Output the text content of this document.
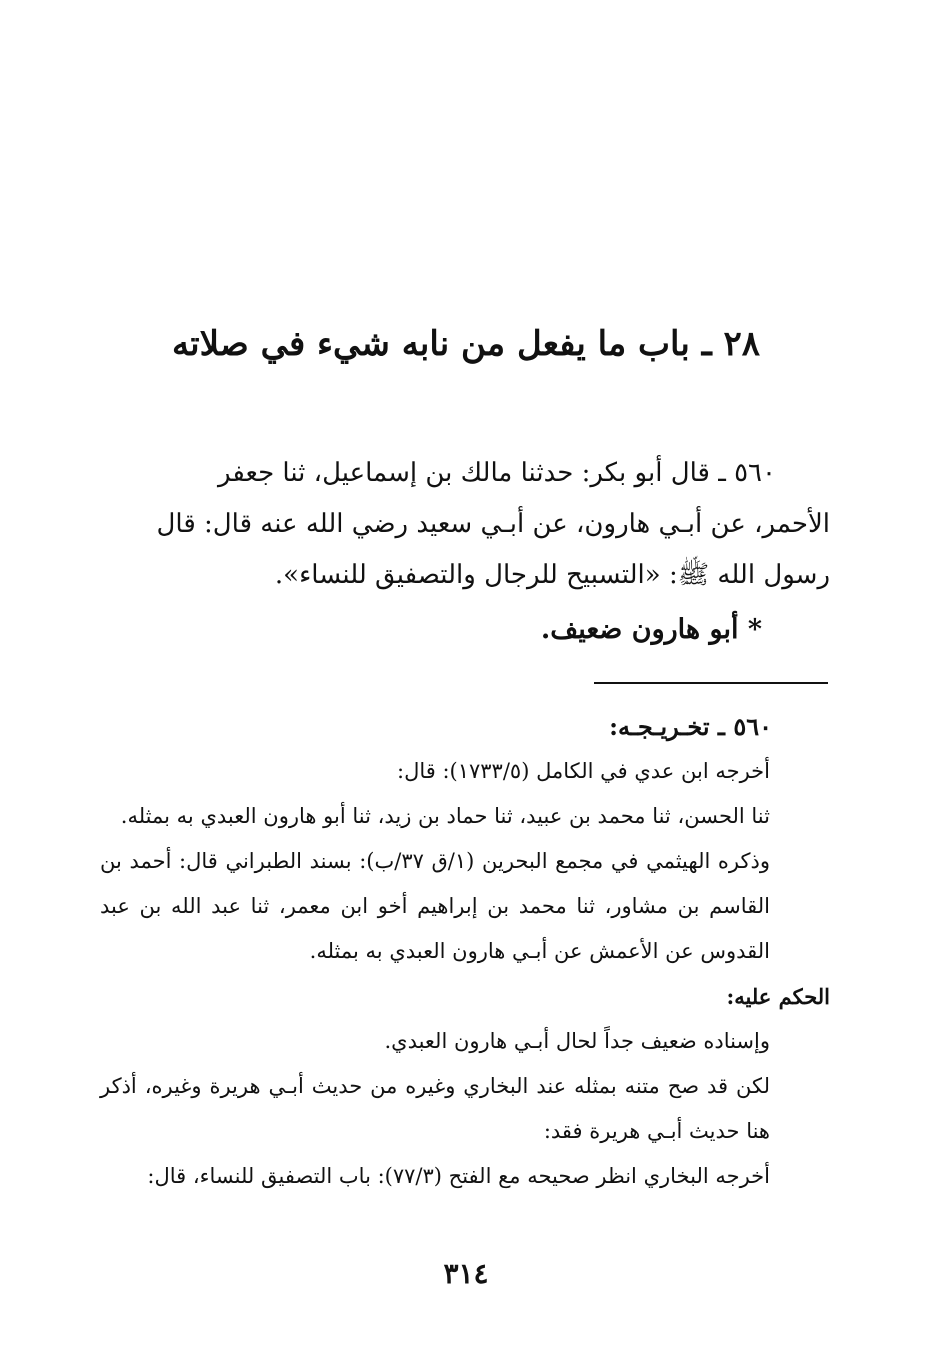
٢٨ ـ باب ما يفعل من نابه شيء في صلاته
٥٦٠ ـ قال أبو بكر: حدثنا مالك بن إسماعيل، ثنا جعفر
الأحمر، عن أبـي هارون، عن أبـي سعيد رضي الله عنه قال: قال
رسول الله ﷺ: «التسبيح للرجال والتصفيق للنساء».

* أبو هارون ضعيف.

٥٦٠ ـ تخـريـجـه:

أخرجه ابن عدي في الكامل (١٧٣٣/٥): قال:

ثنا الحسن، ثنا محمد بن عبيد، ثنا حماد بن زيد، ثنا أبو هارون العبدي به بمثله.

وذكره الهيثمي في مجمع البحرين (١/ق ٣٧/ب): بسند الطبراني قال: أحمد بن القاسم بن مشاور، ثنا محمد بن إبراهيم أخو ابن معمر، ثنا عبد الله بن عبد القدوس عن الأعمش عن أبـي هارون العبدي به بمثله.

الحكم عليه:

وإسناده ضعيف جداً لحال أبـي هارون العبدي.

لكن قد صح متنه بمثله عند البخاري وغيره من حديث أبـي هريرة وغيره، أذكر هنا حديث أبـي هريرة فقد:

أخرجه البخاري انظر صحيحه مع الفتح (٧٧/٣): باب التصفيق للنساء، قال:

٣١٤
